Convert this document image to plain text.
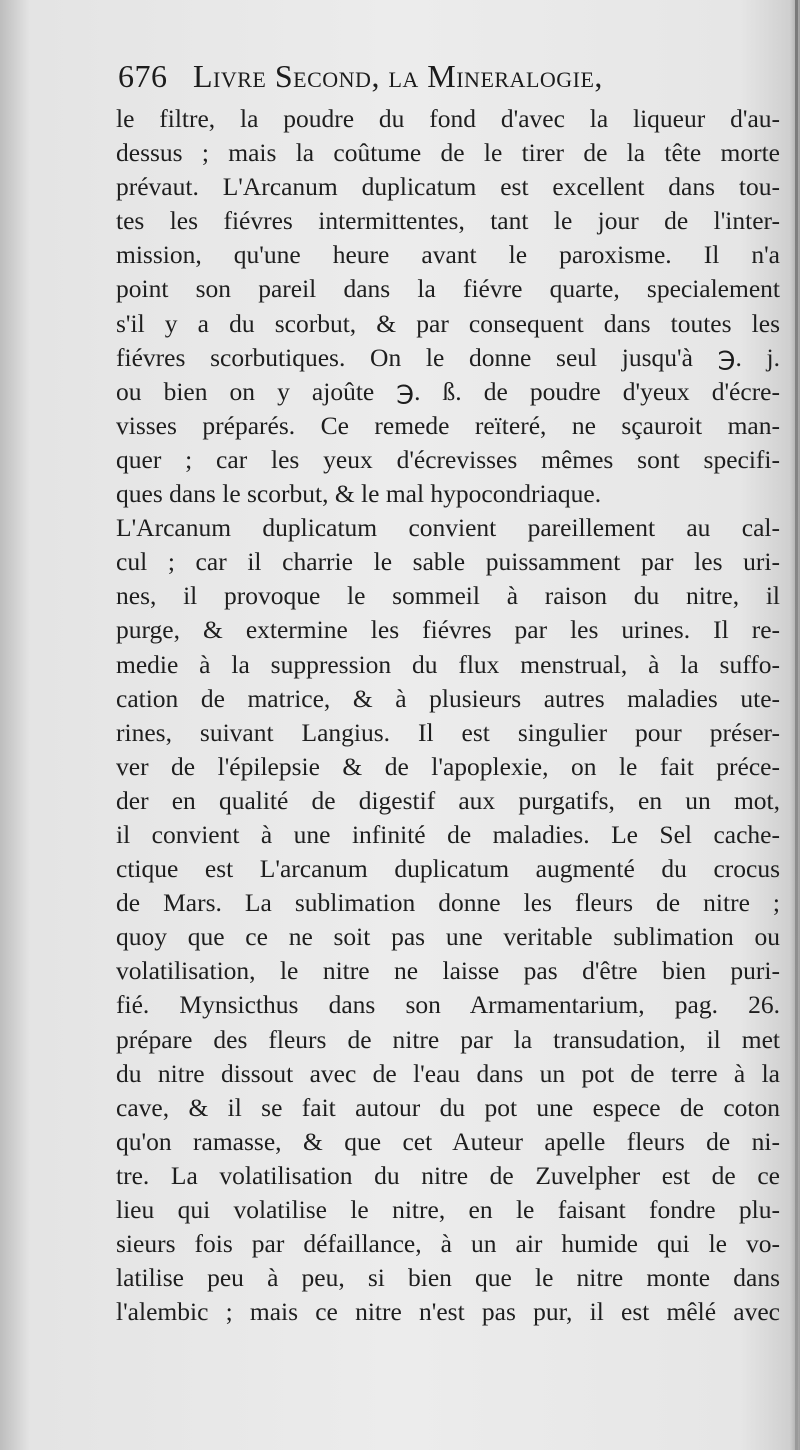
676 Livre Second, la Mineralogie,
le filtre, la poudre du fond d'avec la liqueur d'au-
dessus ; mais la coûtume de le tirer de la tête morte
prévaut. L'Arcanum duplicatum est excellent dans tou-
tes les fiévres intermittentes, tant le jour de l'inter-
mission, qu'une heure avant le paroxisme. Il n'a
point son pareil dans la fiévre quarte, specialement
s'il y a du scorbut, & par consequent dans toutes les
fiévres scorbutiques. On le donne seul jusqu'à ℈. j.
ou bien on y ajoûte ℈. ß. de poudre d'yeux d'écre-
visses préparés. Ce remede reïteré, ne sçauroit man-
quer ; car les yeux d'écrevisses mêmes sont specifi-
ques dans le scorbut, & le mal hypocondriaque.
L'Arcanum duplicatum convient pareillement au cal-
cul ; car il charrie le sable puissamment par les uri-
nes, il provoque le sommeil à raison du nitre, il
purge, & extermine les fiévres par les urines. Il re-
medie à la suppression du flux menstrual, à la suffo-
cation de matrice, & à plusieurs autres maladies ute-
rines, suivant Langius. Il est singulier pour préser-
ver de l'épilepsie & de l'apoplexie, on le fait préce-
der en qualité de digestif aux purgatifs, en un mot,
il convient à une infinité de maladies. Le Sel cache-
ctique est L'arcanum duplicatum augmenté du crocus
de Mars. La sublimation donne les fleurs de nitre ;
quoy que ce ne soit pas une veritable sublimation ou
volatilisation, le nitre ne laisse pas d'être bien puri-
fié. Mynsicthus dans son Armamentarium, pag. 26.
prépare des fleurs de nitre par la transudation, il met
du nitre dissout avec de l'eau dans un pot de terre à la
cave, & il se fait autour du pot une espece de coton
qu'on ramasse, & que cet Auteur apelle fleurs de ni-
tre. La volatilisation du nitre de Zuvelpher est de ce
lieu qui volatilise le nitre, en le faisant fondre plu-
sieurs fois par défaillance, à un air humide qui le vo-
latilise peu à peu, si bien que le nitre monte dans
l'alembic ; mais ce nitre n'est pas pur, il est mêlé avec
